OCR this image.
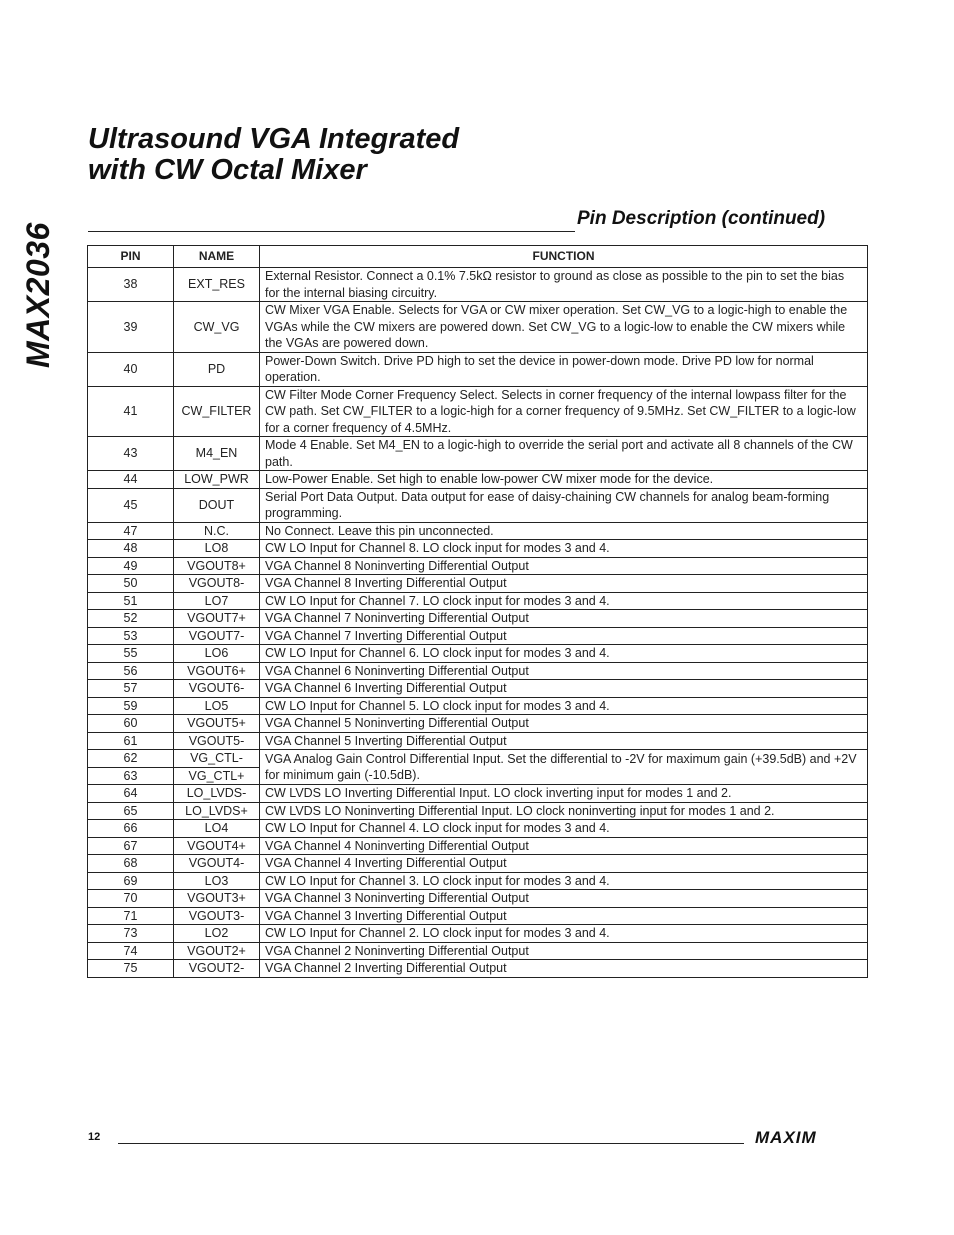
MAX2036
Ultrasound VGA Integrated
with CW Octal Mixer
Pin Description (continued)
PIN	NAME	FUNCTION
38	EXT_RES	External Resistor. Connect a 0.1% 7.5kΩ resistor to ground as close as possible to the pin to set the bias for the internal biasing circuitry.
39	CW_VG	CW Mixer VGA Enable. Selects for VGA or CW mixer operation. Set CW_VG to a logic-high to enable the VGAs while the CW mixers are powered down. Set CW_VG to a logic-low to enable the CW mixers while the VGAs are powered down.
40	PD	Power-Down Switch. Drive PD high to set the device in power-down mode. Drive PD low for normal operation.
41	CW_FILTER	CW Filter Mode Corner Frequency Select. Selects in corner frequency of the internal lowpass filter for the CW path. Set CW_FILTER to a logic-high for a corner frequency of 9.5MHz. Set CW_FILTER to a logic-low for a corner frequency of 4.5MHz.
43	M4_EN	Mode 4 Enable. Set M4_EN to a logic-high to override the serial port and activate all 8 channels of the CW path.
44	LOW_PWR	Low-Power Enable. Set high to enable low-power CW mixer mode for the device.
45	DOUT	Serial Port Data Output. Data output for ease of daisy-chaining CW channels for analog beam-forming programming.
47	N.C.	No Connect. Leave this pin unconnected.
48	LO8	CW LO Input for Channel 8. LO clock input for modes 3 and 4.
49	VGOUT8+	VGA Channel 8 Noninverting Differential Output
50	VGOUT8-	VGA Channel 8 Inverting Differential Output
51	LO7	CW LO Input for Channel 7. LO clock input for modes 3 and 4.
52	VGOUT7+	VGA Channel 7 Noninverting Differential Output
53	VGOUT7-	VGA Channel 7 Inverting Differential Output
55	LO6	CW LO Input for Channel 6. LO clock input for modes 3 and 4.
56	VGOUT6+	VGA Channel 6 Noninverting Differential Output
57	VGOUT6-	VGA Channel 6 Inverting Differential Output
59	LO5	CW LO Input for Channel 5. LO clock input for modes 3 and 4.
60	VGOUT5+	VGA Channel 5 Noninverting Differential Output
61	VGOUT5-	VGA Channel 5 Inverting Differential Output
62	VG_CTL-	VGA Analog Gain Control Differential Input. Set the differential to -2V for maximum gain (+39.5dB) and +2V for minimum gain (-10.5dB).
63	VG_CTL+	
64	LO_LVDS-	CW LVDS LO Inverting Differential Input. LO clock inverting input for modes 1 and 2.
65	LO_LVDS+	CW LVDS LO Noninverting Differential Input. LO clock noninverting input for modes 1 and 2.
66	LO4	CW LO Input for Channel 4. LO clock input for modes 3 and 4.
67	VGOUT4+	VGA Channel 4 Noninverting Differential Output
68	VGOUT4-	VGA Channel 4 Inverting Differential Output
69	LO3	CW LO Input for Channel 3. LO clock input for modes 3 and 4.
70	VGOUT3+	VGA Channel 3 Noninverting Differential Output
71	VGOUT3-	VGA Channel 3 Inverting Differential Output
73	LO2	CW LO Input for Channel 2. LO clock input for modes 3 and 4.
74	VGOUT2+	VGA Channel 2 Noninverting Differential Output
75	VGOUT2-	VGA Channel 2 Inverting Differential Output
12	MAXIM
